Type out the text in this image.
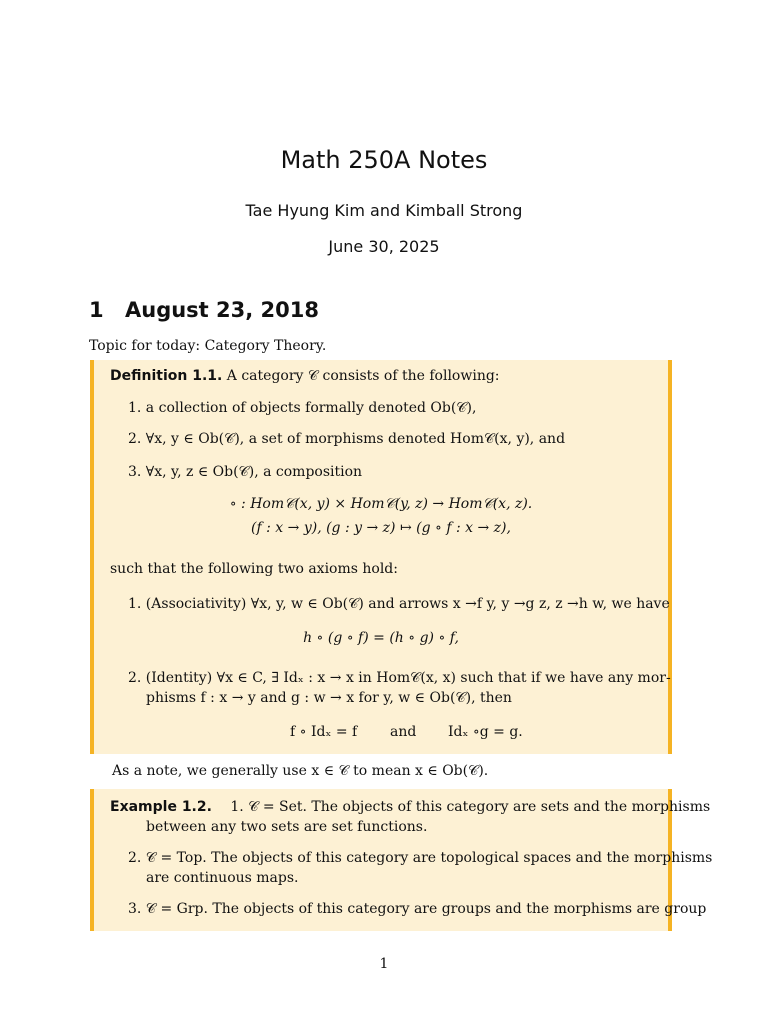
Math 250A Notes
Tae Hyung Kim and Kimball Strong
June 30, 2025
1 August 23, 2018
Topic for today: Category Theory.
Definition 1.1. A category 𝒞 consists of the following:
1. a collection of objects formally denoted Ob(𝒞),
2. ∀x, y ∈ Ob(𝒞), a set of morphisms denoted Hom𝒞(x, y), and
3. ∀x, y, z ∈ Ob(𝒞), a composition
∘ : Hom𝒞(x, y) × Hom𝒞(y, z) → Hom𝒞(x, z).
(f : x → y), (g : y → z) ↦ (g ∘ f : x → z),
such that the following two axioms hold:
1. (Associativity) ∀x, y, w ∈ Ob(𝒞) and arrows x →f y, y →g z, z →h w, we have
h ∘ (g ∘ f) = (h ∘ g) ∘ f,
2. (Identity) ∀x ∈ C, ∃ Idₓ : x → x in Hom𝒞(x, x) such that if we have any mor-
phisms f : x → y and g : w → x for y, w ∈ Ob(𝒞), then
f ∘ Idₓ = f and Idₓ ∘g = g.
As a note, we generally use x ∈ 𝒞 to mean x ∈ Ob(𝒞).
Example 1.2. 1. 𝒞 = Set. The objects of this category are sets and the morphisms
between any two sets are set functions.
2. 𝒞 = Top. The objects of this category are topological spaces and the morphisms
are continuous maps.
3. 𝒞 = Grp. The objects of this category are groups and the morphisms are group
1
